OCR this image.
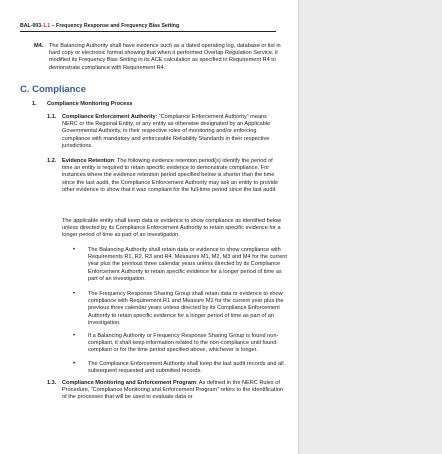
BAL-003-1.1 – Frequency Response and Frequency Bias Setting
M4. The Balancing Authority shall have evidence such as a dated operating log, database or list in hard copy or electronic format showing that when it performed Overlap Regulation Service, it modified its Frequency Bias Setting in its ACE calculation as specified in Requirement R4 to demonstrate compliance with Requirement R4.
C. Compliance
1. Compliance Monitoring Process
1.1. Compliance Enforcement Authority: “Compliance Enforcement Authority” means NERC or the Regional Entity, or any entity as otherwise designated by an Applicable Governmental Authority, in their respective roles of monitoring and/or enforcing compliance with mandatory and enforceable Reliability Standards in their respective jurisdictions.
1.2. Evidence Retention: The following evidence retention period(s) identify the period of time an entity is required to retain specific evidence to demonstrate compliance. For instances where the evidence retention period specified below is shorter than the time since the last audit, the Compliance Enforcement Authority may ask an entity to provide other evidence to show that it was compliant for the full-time period since the last audit.
The applicable entity shall keep data or evidence to show compliance as identified below unless directed by its Compliance Enforcement Authority to retain specific evidence for a longer period of time as part of an investigation.
• The Balancing Authority shall retain data or evidence to show compliance with Requirements R1, R2, R3 and R4, Measures M1, M2, M3 and M4 for the current year plus the previous three calendar years unless directed by its Compliance Enforcement Authority to retain specific evidence for a longer period of time as part of an investigation.
• The Frequency Response Sharing Group shall retain data or evidence to show compliance with Requirement R1 and Measure M1 for the current year plus the previous three calendar years unless directed by its Compliance Enforcement Authority to retain specific evidence for a longer period of time as part of an investigation.
• If a Balancing Authority or Frequency Response Sharing Group is found non-compliant, it shall keep information related to the non-compliance until found compliant or for the time period specified above, whichever is longer.
• The Compliance Enforcement Authority shall keep the last audit records and all subsequent requested and submitted records.
1.3. Compliance Monitoring and Enforcement Program: As defined in the NERC Rules of Procedure, “Compliance Monitoring and Enforcement Program” refers to the identification of the processes that will be used to evaluate data or
